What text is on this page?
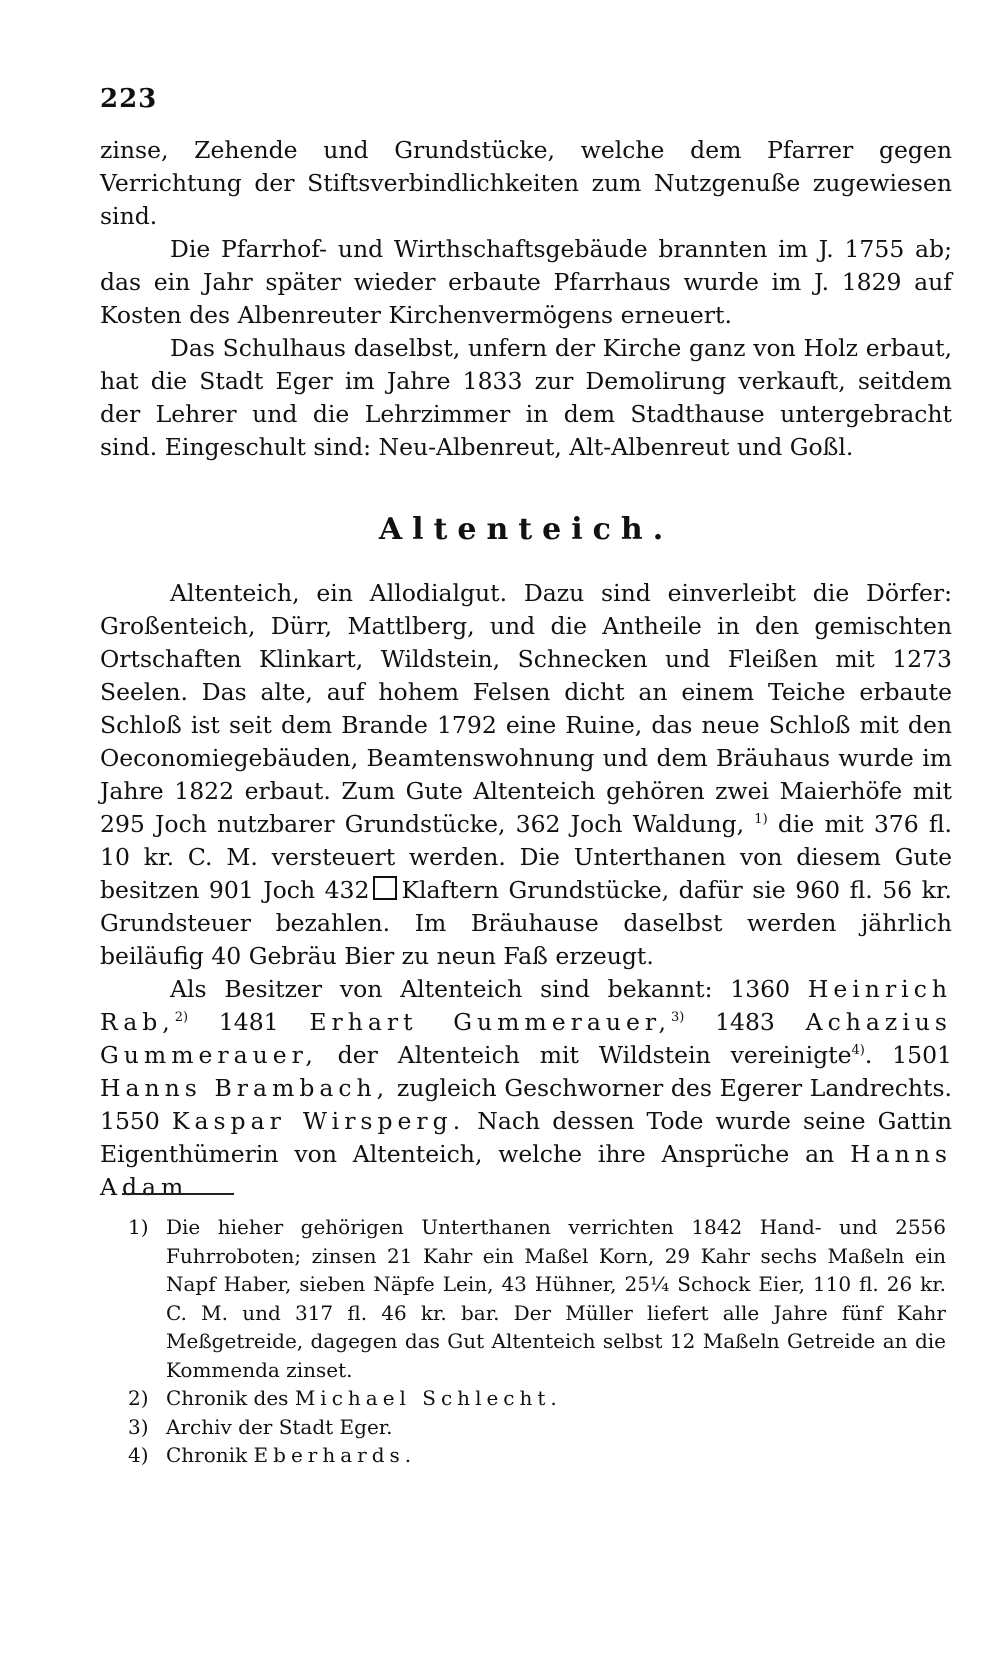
223

zinse, Zehende und Grundstücke, welche dem Pfarrer gegen Verrichtung der Stiftsverbindlichkeiten zum Nutzgenuße zugewiesen sind.

Die Pfarrhof- und Wirthschaftsgebäude brannten im J. 1755 ab; das ein Jahr später wieder erbaute Pfarrhaus wurde im J. 1829 auf Kosten des Albenreuter Kirchenvermögens erneuert.

Das Schulhaus daselbst, unfern der Kirche ganz von Holz erbaut, hat die Stadt Eger im Jahre 1833 zur Demolirung verkauft, seitdem der Lehrer und die Lehrzimmer in dem Stadthause untergebracht sind. Eingeschult sind: Neu-Albenreut, Alt-Albenreut und Goßl.

Altenteich.

Altenteich, ein Allodialgut. Dazu sind einverleibt die Dörfer: Großenteich, Dürr, Mattlberg, und die Antheile in den gemischten Ortschaften Klinkart, Wildstein, Schnecken und Fleißen mit 1273 Seelen. Das alte, auf hohem Felsen dicht an einem Teiche erbaute Schloß ist seit dem Brande 1792 eine Ruine, das neue Schloß mit den Oeconomiegebäuden, Beamtenswohnung und dem Bräuhaus wurde im Jahre 1822 erbaut. Zum Gute Altenteich gehören zwei Maierhöfe mit 295 Joch nutzbarer Grundstücke, 362 Joch Waldung, $^{1)}$ die mit 376 fl. 10 kr. C. M. versteuert werden. Die Unterthanen von diesem Gute besitzen 901 Joch 432 Klaftern Grundstücke, dafür sie 960 fl. 56 kr. Grundsteuer bezahlen. Im Bräuhause daselbst werden jährlich beiläufig 40 Gebräu Bier zu neun Faß erzeugt.

Als Besitzer von Altenteich sind bekannt: 1360 Heinrich Rab,$^{2)}$ 1481 Erhart Gummerauer,$^{3)}$ 1483 Achazius Gummerauer, der Altenteich mit Wildstein vereinigte$^{4)}$. 1501 Hanns Brambach, zugleich Geschworner des Egerer Landrechts. 1550 Kaspar Wirsperg. Nach dessen Tode wurde seine Gattin Eigenthümerin von Altenteich, welche ihre Ansprüche an Hanns Adam

1) Die hieher gehörigen Unterthanen verrichten 1842 Hand- und 2556 Fuhrroboten; zinsen 21 Kahr ein Maßel Korn, 29 Kahr sechs Maßeln ein Napf Haber, sieben Näpfe Lein, 43 Hühner, 25¼ Schock Eier, 110 fl. 26 kr. C. M. und 317 fl. 46 kr. bar. Der Müller liefert alle Jahre fünf Kahr Meßgetreide, dagegen das Gut Altenteich selbst 12 Maßeln Getreide an die Kommenda zinset.
2) Chronik des Michael Schlecht.
3) Archiv der Stadt Eger.
4) Chronik Eberhards.
